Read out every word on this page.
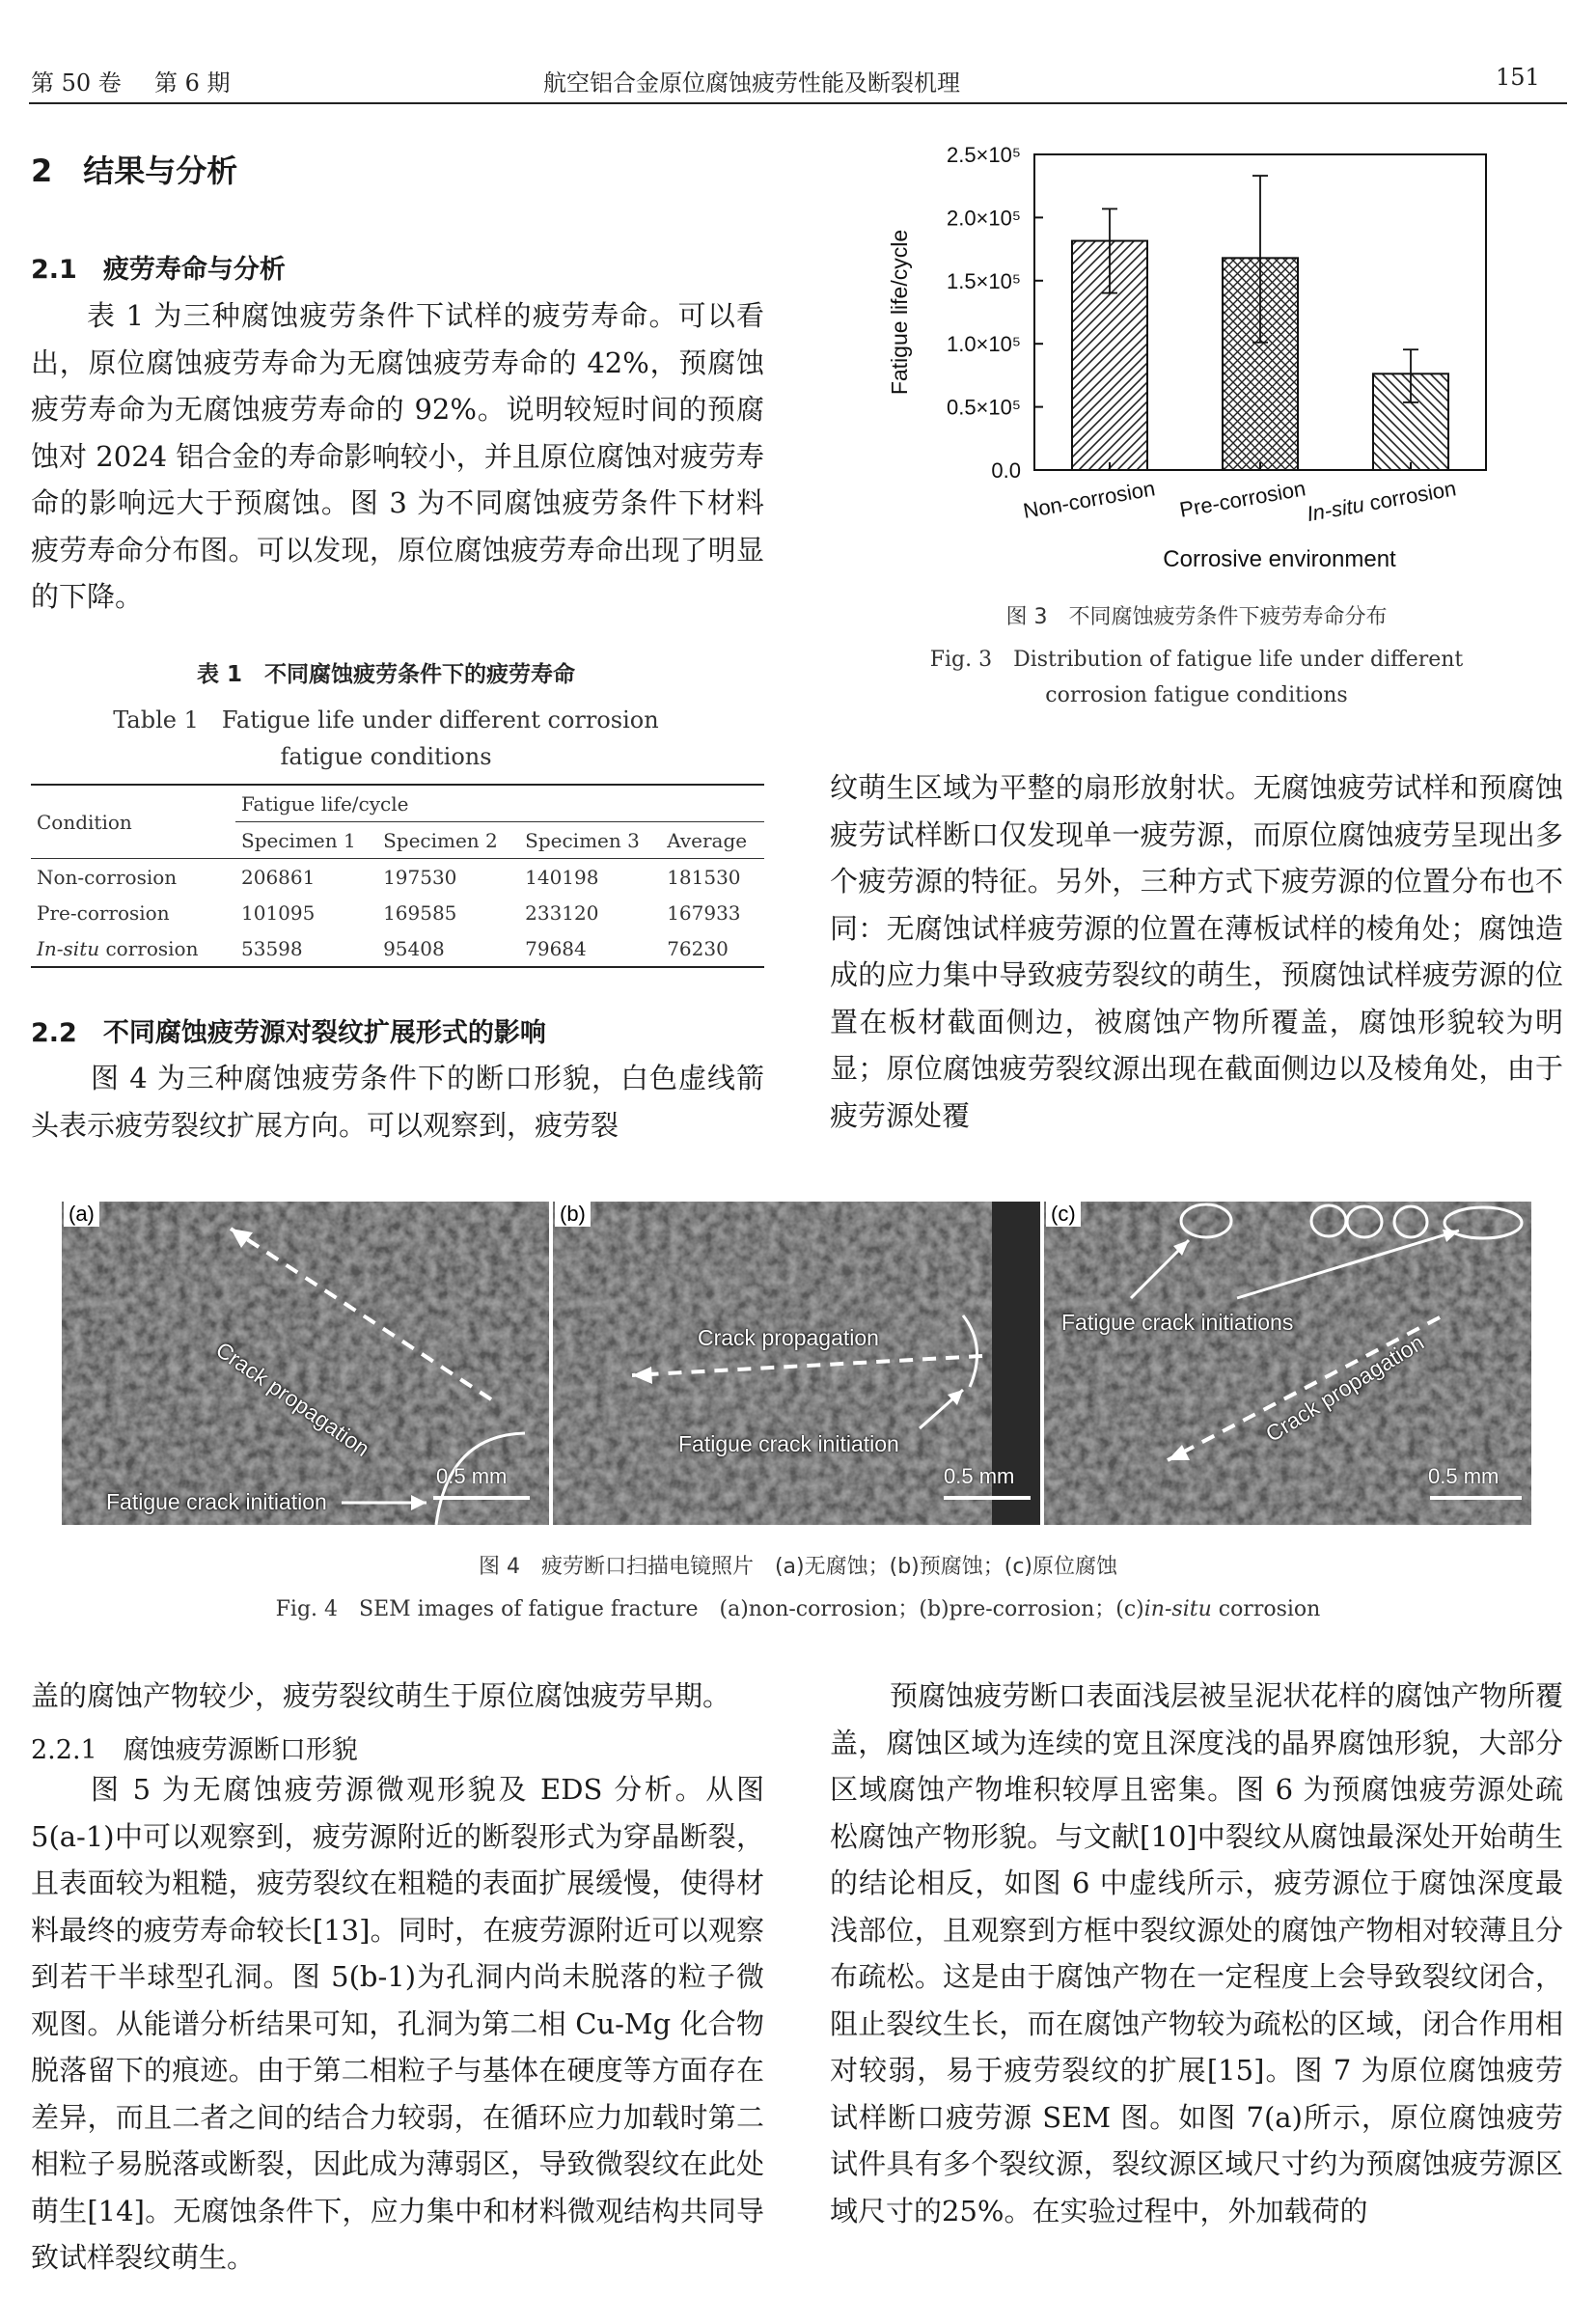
第 50 卷 第 6 期	航空铝合金原位腐蚀疲劳性能及断裂机理	151
2　结果与分析
2.1　疲劳寿命与分析
表 1 为三种腐蚀疲劳条件下试样的疲劳寿命。可以看出，原位腐蚀疲劳寿命为无腐蚀疲劳寿命的 42%，预腐蚀疲劳寿命为无腐蚀疲劳寿命的 92%。说明较短时间的预腐蚀对 2024 铝合金的寿命影响较小，并且原位腐蚀对疲劳寿命的影响远大于预腐蚀。图 3 为不同腐蚀疲劳条件下材料疲劳寿命分布图。可以发现，原位腐蚀疲劳寿命出现了明显的下降。
表 1　不同腐蚀疲劳条件下的疲劳寿命
Table 1　Fatigue life under different corrosion
fatigue conditions
Condition	Fatigue life/cycle			
	Specimen 1	Specimen 2	Specimen 3	Average
Non-corrosion	206861	197530	140198	181530
Pre-corrosion	101095	169585	233120	167933
In-situ corrosion	53598	95408	79684	76230
2.2　不同腐蚀疲劳源对裂纹扩展形式的影响
图 4 为三种腐蚀疲劳条件下的断口形貌，白色虚线箭头表示疲劳裂纹扩展方向。可以观察到，疲劳裂
0.0
0.5×10⁵
1.0×10⁵
1.5×10⁵
2.0×10⁵
2.5×10⁵
Fatigue life/cycle
Non-corrosion Pre-corrosion
In-situ corrosion
Corrosive environment
图 3　不同腐蚀疲劳条件下疲劳寿命分布
Fig. 3　Distribution of fatigue life under different
corrosion fatigue conditions
纹萌生区域为平整的扇形放射状。无腐蚀疲劳试样和预腐蚀疲劳试样断口仅发现单一疲劳源，而原位腐蚀疲劳呈现出多个疲劳源的特征。另外，三种方式下疲劳源的位置分布也不同：无腐蚀试样疲劳源的位置在薄板试样的棱角处；腐蚀造成的应力集中导致疲劳裂纹的萌生，预腐蚀试样疲劳源的位置在板材截面侧边，被腐蚀产物所覆盖，腐蚀形貌较为明显；原位腐蚀疲劳裂纹源出现在截面侧边以及棱角处，由于疲劳源处覆
(a)
Crack propagation
Fatigue crack initiation
0.5 mm
(b)
Crack propagation
Fatigue crack initiation
0.5 mm
(c)
Fatigue crack initiations
Crack propagation
0.5 mm
图 4　疲劳断口扫描电镜照片　(a)无腐蚀；(b)预腐蚀；(c)原位腐蚀
Fig. 4　SEM images of fatigue fracture　(a)non-corrosion；(b)pre-corrosion；(c)in-situ corrosion
盖的腐蚀产物较少，疲劳裂纹萌生于原位腐蚀疲劳早期。
2.2.1　腐蚀疲劳源断口形貌
图 5 为无腐蚀疲劳源微观形貌及 EDS 分析。从图 5(a-1)中可以观察到，疲劳源附近的断裂形式为穿晶断裂，且表面较为粗糙，疲劳裂纹在粗糙的表面扩展缓慢，使得材料最终的疲劳寿命较长[13]。同时，在疲劳源附近可以观察到若干半球型孔洞。图 5(b-1)为孔洞内尚未脱落的粒子微观图。从能谱分析结果可知，孔洞为第二相 Cu-Mg 化合物脱落留下的痕迹。由于第二相粒子与基体在硬度等方面存在差异，而且二者之间的结合力较弱，在循环应力加载时第二相粒子易脱落或断裂，因此成为薄弱区，导致微裂纹在此处萌生[14]。无腐蚀条件下，应力集中和材料微观结构共同导致试样裂纹萌生。
预腐蚀疲劳断口表面浅层被呈泥状花样的腐蚀产物所覆盖，腐蚀区域为连续的宽且深度浅的晶界腐蚀形貌，大部分区域腐蚀产物堆积较厚且密集。图 6 为预腐蚀疲劳源处疏松腐蚀产物形貌。与文献[10]中裂纹从腐蚀最深处开始萌生的结论相反，如图 6 中虚线所示，疲劳源位于腐蚀深度最浅部位，且观察到方框中裂纹源处的腐蚀产物相对较薄且分布疏松。这是由于腐蚀产物在一定程度上会导致裂纹闭合，阻止裂纹生长，而在腐蚀产物较为疏松的区域，闭合作用相对较弱，易于疲劳裂纹的扩展[15]。图 7 为原位腐蚀疲劳试样断口疲劳源 SEM 图。如图 7(a)所示，原位腐蚀疲劳试件具有多个裂纹源，裂纹源区域尺寸约为预腐蚀疲劳源区域尺寸的25%。在实验过程中，外加载荷的
